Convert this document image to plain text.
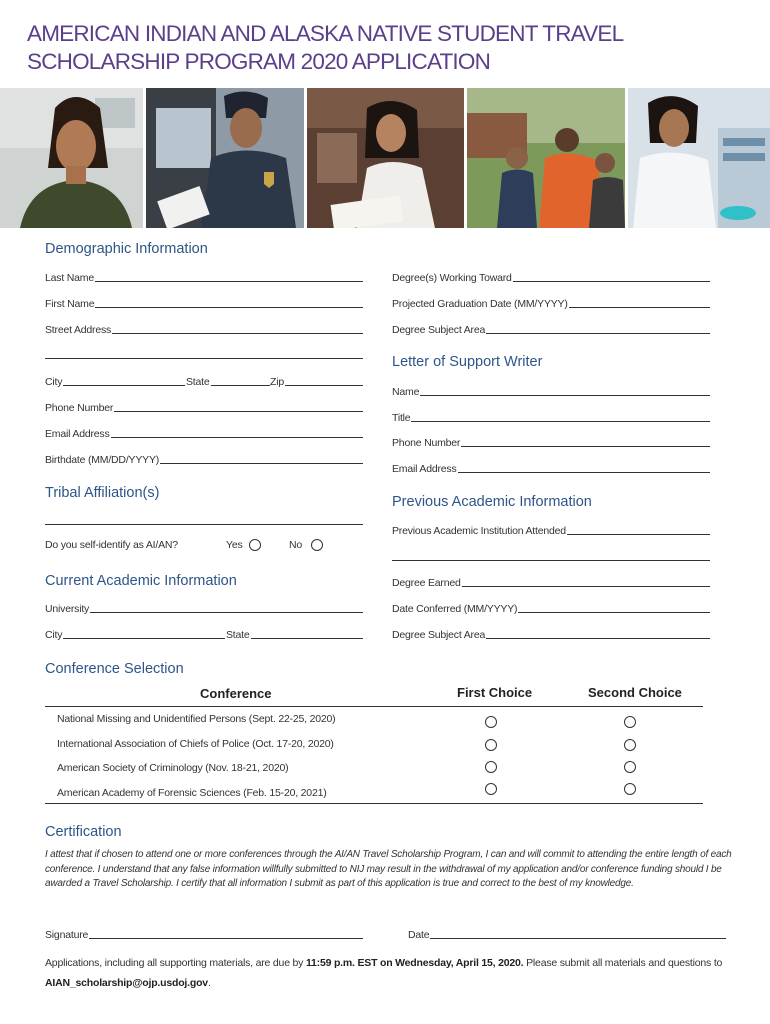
AMERICAN INDIAN AND ALASKA NATIVE STUDENT TRAVEL SCHOLARSHIP PROGRAM 2020 APPLICATION
Demographic Information
Last Name
First Name
Street Address
City	State	Zip
Phone Number
Email Address
Birthdate (MM/DD/YYYY)
Degree(s) Working Toward
Projected Graduation Date (MM/YYYY)
Degree Subject Area
Letter of Support Writer
Name
Title
Phone Number
Email Address
Tribal Affiliation(s)
Do you self-identify as AI/AN?	Yes	No
Previous Academic Information
Previous Academic Institution Attended
Degree Earned
Date Conferred (MM/YYYY)
Degree Subject Area
Current Academic Information
University
City	State
Conference Selection
Conference	First Choice	Second Choice
National Missing and Unidentified Persons (Sept. 22-25, 2020)
International Association of Chiefs of Police (Oct. 17-20, 2020)
American Society of Criminology (Nov. 18-21, 2020)
American Academy of Forensic Sciences (Feb. 15-20, 2021)
Certification
I attest that if chosen to attend one or more conferences through the AI/AN Travel Scholarship Program, I can and will commit to attending the entire length of each conference. I understand that any false information willfully submitted to NIJ may result in the withdrawal of my application and/or conference funding should I be awarded a Travel Scholarship. I certify that all information I submit as part of this application is true and correct to the best of my knowledge.
Signature	Date
Applications, including all supporting materials, are due by 11:59 p.m. EST on Wednesday, April 15, 2020. Please submit all materials and questions to AIAN_scholarship@ojp.usdoj.gov.
